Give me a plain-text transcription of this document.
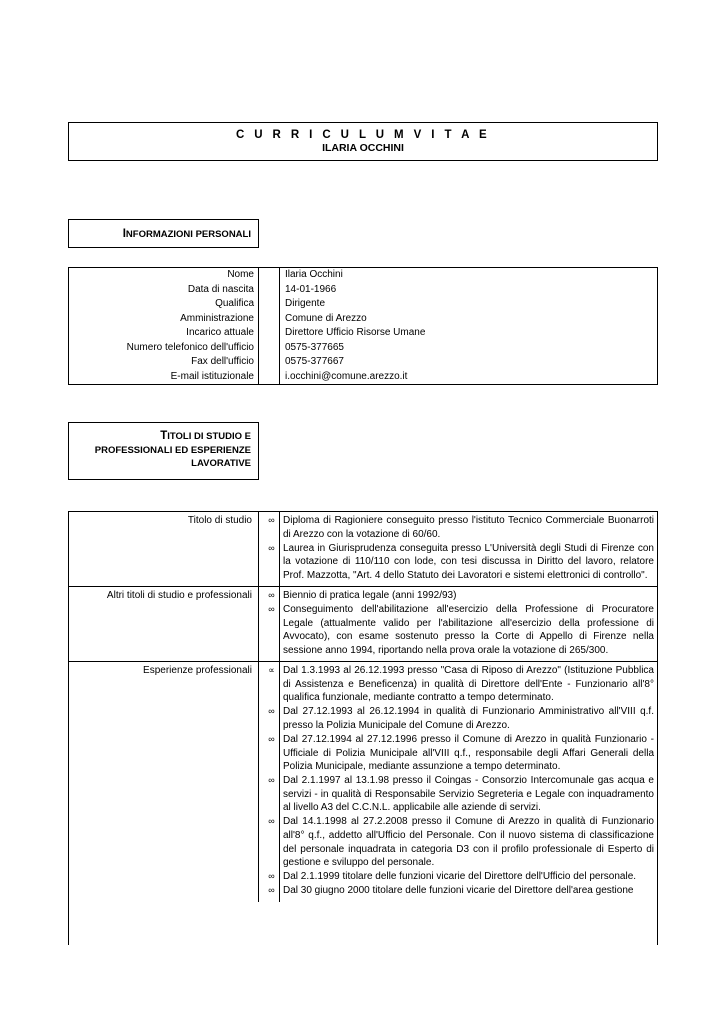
C U R R I C U L U M V I T A E
ILARIA OCCHINI
INFORMAZIONI PERSONALI
Nome	Ilaria Occhini
Data di nascita	14-01-1966
Qualifica	Dirigente
Amministrazione	Comune di Arezzo
Incarico attuale	Direttore Ufficio Risorse Umane
Numero telefonico dell'ufficio	0575-377665
Fax dell'ufficio	0575-377667
E-mail istituzionale	i.occhini@comune.arezzo.it
TITOLI DI STUDIO E
PROFESSIONALI ED ESPERIENZE
LAVORATIVE
Titolo di studio	∞ Diploma di Ragioniere conseguito presso l'istituto Tecnico Commerciale Buonarroti di Arezzo con la votazione di 60/60.
∞ Laurea in Giurisprudenza conseguita presso L'Università degli Studi di Firenze con la votazione di 110/110 con lode, con tesi discussa in Diritto del lavoro, relatore Prof. Mazzotta, "Art. 4 dello Statuto dei Lavoratori e sistemi elettronici di controllo".
Altri titoli di studio e professionali	∞ Biennio di pratica legale (anni 1992/93)
∞ Conseguimento dell'abilitazione all'esercizio della Professione di Procuratore Legale (attualmente valido per l'abilitazione all'esercizio della professione di Avvocato), con esame sostenuto presso la Corte di Appello di Firenze nella sessione anno 1994, riportando nella prova orale la votazione di 265/300.
Esperienze professionali	∝ Dal 1.3.1993 al 26.12.1993 presso "Casa di Riposo di Arezzo" (Istituzione Pubblica di Assistenza e Beneficenza) in qualità di Direttore dell'Ente - Funzionario all'8° qualifica funzionale, mediante contratto a tempo determinato.
∞ Dal 27.12.1993 al 26.12.1994 in qualità di Funzionario Amministrativo all'VIII q.f. presso la Polizia Municipale del Comune di Arezzo.
∞ Dal 27.12.1994 al 27.12.1996 presso il Comune di Arezzo in qualità Funzionario - Ufficiale di Polizia Municipale all'VIII q.f., responsabile degli Affari Generali della Polizia Municipale, mediante assunzione a tempo determinato.
∞ Dal 2.1.1997 al 13.1.98 presso il Coingas - Consorzio Intercomunale gas acqua e servizi - in qualità di Responsabile Servizio Segreteria e Legale con inquadramento al livello A3 del C.C.N.L. applicabile alle aziende di servizi.
∞ Dal 14.1.1998 al 27.2.2008 presso il Comune di Arezzo in qualità di Funzionario all'8° q.f., addetto all'Ufficio del Personale. Con il nuovo sistema di classificazione del personale inquadrata in categoria D3 con il profilo professionale di Esperto di gestione e sviluppo del personale.
∞ Dal 2.1.1999 titolare delle funzioni vicarie del Direttore dell'Ufficio del personale.
∞ Dal 30 giugno 2000 titolare delle funzioni vicarie del Direttore dell'area gestione
